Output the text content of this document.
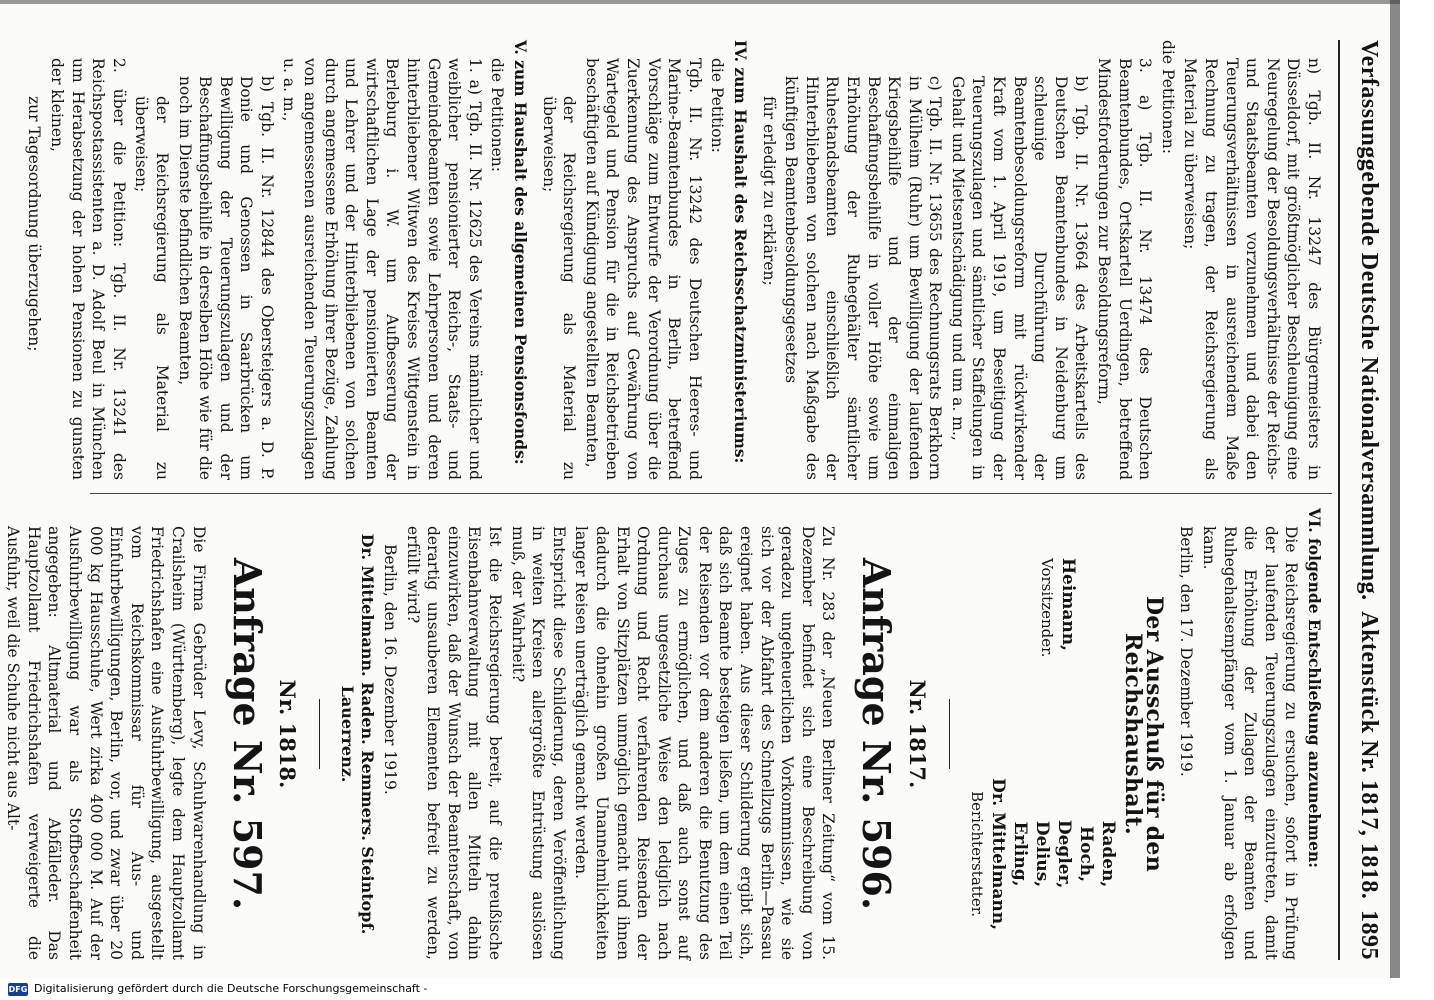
Verfassunggebende Deutsche Nationalversammlung.
Aktenstück Nr. 1817, 1818.
1895

n) Tgb. II. Nr. 13247 des Bürgermeisters in Düsseldorf, mit größtmöglicher Beschleunigung eine Neuregelung der Besoldungsverhältnisse der Reichs- und Staatsbeamten vorzunehmen und dabei den Teuerungsverhältnissen in ausreichendem Maße Rechnung zu tragen, der Reichsregierung als Material zu überweisen;

die Petitionen:

3. a) Tgb. II. Nr. 13474 des Deutschen Beamtenbundes, Ortskartell Uerdingen, betreffend Mindestforderungen zur Besoldungsreform,

b) Tgb. II. Nr. 13664 des Arbeitskartells des Deutschen Beamtenbundes in Neidenburg um schleunige Durchführung der Beamtenbesoldungsreform mit rückwirkender Kraft vom 1. April 1919, um Beseitigung der Teuerungszulagen und sämtlicher Staffelungen in Gehalt und Mietsentschädigung und um a. m.,

c) Tgb. II. Nr. 13655 des Rechnungsrats Berkhorn in Mülheim (Ruhr) um Bewilligung der laufenden Kriegsbeihilfe und der einmaligen Beschaffungsbeihilfe in voller Höhe sowie um Erhöhung der Ruhegehälter sämtlicher Ruhestandsbeamten einschließlich der Hinterbliebenen von solchen nach Maßgabe des künftigen Beamtenbesoldungsgesetzes

für erledigt zu erklären;

IV. zum Haushalt des Reichsschatzministeriums:

die Petition:

Tgb. II. Nr. 13242 des Deutschen Heeres- und Marine-Beamtenbundes in Berlin, betreffend Vorschläge zum Entwurfe der Verordnung über die Zuerkennung des Anspruchs auf Gewährung von Wartegeld und Pension für die in Reichsbetrieben beschäftigten auf Kündigung angestellten Beamten,

der Reichsregierung als Material zu überweisen;

V. zum Haushalt des allgemeinen Pensionsfonds:

die Petitionen:

1. a) Tgb. II. Nr. 12625 des Vereins männlicher und weiblicher pensionierter Reichs-, Staats- und Gemeindebeamten sowie Lehrpersonen und deren hinterbliebener Witwen des Kreises Wittgenstein in Berleburg i. W. um Aufbesserung der wirtschaftlichen Lage der pensionierten Beamten und Lehrer und der Hinterbliebenen von solchen durch angemessene Erhöhung ihrer Bezüge, Zahlung von angemessenen ausreichenden Teuerungszulagen u. a. m.,

b) Tgb. II. Nr. 12844 des Obersteigers a. D. P. Donie und Genossen in Saarbrücken um Bewilligung der Teuerungszulagen und der Beschaffungsbeihilfe in derselben Höhe wie für die noch im Dienste befindlichen Beamten,

der Reichsregierung als Material zu überweisen;

2. über die Petition: Tgb. II. Nr. 13241 des Reichspostassistenten a. D. Adolf Beul in München um Herabsetzung der hohen Pensionen zu gunsten der kleinen,

zur Tagesordnung überzugehen;

VI. folgende Entschließung anzunehmen:

Die Reichsregierung zu ersuchen, sofort in Prüfung der laufenden Teuerungszulagen einzutreten, damit die Erhöhung der Zulagen der Beamten und Ruhegehaltsempfänger vom 1. Januar ab erfolgen kann.

Berlin, den 17. Dezember 1919.

Der Ausschuß für den Reichshaushalt.

Heimann,

Vorsitzender.

Raden,

Hoch,

Degler,

Delius,

Erling,

Dr. Mittelmann,

Berichterstatter.

Nr. 1817.

Anfrage Nr. 596.

Zu Nr. 283 der „Neuen Berliner Zeitung“ vom 15. Dezember befindet sich eine Beschreibung von geradezu ungeheuerlichen Vorkommnissen, wie sie sich vor der Abfahrt des Schnellzugs Berlin—Passau ereignet haben. Aus dieser Schilderung ergibt sich, daß sich Beamte besteigen ließen, um dem einen Teil der Reisenden vor dem anderen die Benutzung des Zuges zu ermöglichen, und daß auch sonst auf durchaus ungesetzliche Weise den lediglich nach Ordnung und Recht verfahrenden Reisenden der Erhalt von Sitzplätzen unmöglich gemacht und ihnen dadurch die ohnehin großen Unannehmlichkeiten langer Reisen unerträglich gemacht werden.

Entspricht diese Schilderung, deren Veröffentlichung in weiten Kreisen allergrößte Entrüstung auslösen muß, der Wahrheit?

Ist die Reichsregierung bereit, auf die preußische Eisenbahnverwaltung mit allen Mitteln dahin einzuwirken, daß der Wunsch der Beamtenschaft, von derartig unsauberen Elementen befreit zu werden, erfüllt wird?

Berlin, den 16. Dezember 1919.

Dr. Mittelmann. Raden. Remmers. Steintopf. Lauerrenz.

Nr. 1818.

Anfrage Nr. 597.

Die Firma Gebrüder Levy, Schuhwarenhandlung in Crailsheim (Württemberg), legte dem Hauptzollamt Friedrichshafen eine Ausfuhrbewilligung, ausgestellt vom Reichskommissar für Aus- und Einfuhrbewilligungen, Berlin, vor, und zwar über 20 000 kg Hausschuhe, Wert zirka 400 000 M. Auf der Ausfuhrbewilligung war als Stoffbeschaffenheit angegeben: Altmaterial und Abfälleder. Das Hauptzollamt Friedrichshafen verweigerte die Ausfuhr, weil die Schuhe nicht aus Alt-

DFG Digitalisierung gefördert durch die Deutsche Forschungsgemeinschaft -
